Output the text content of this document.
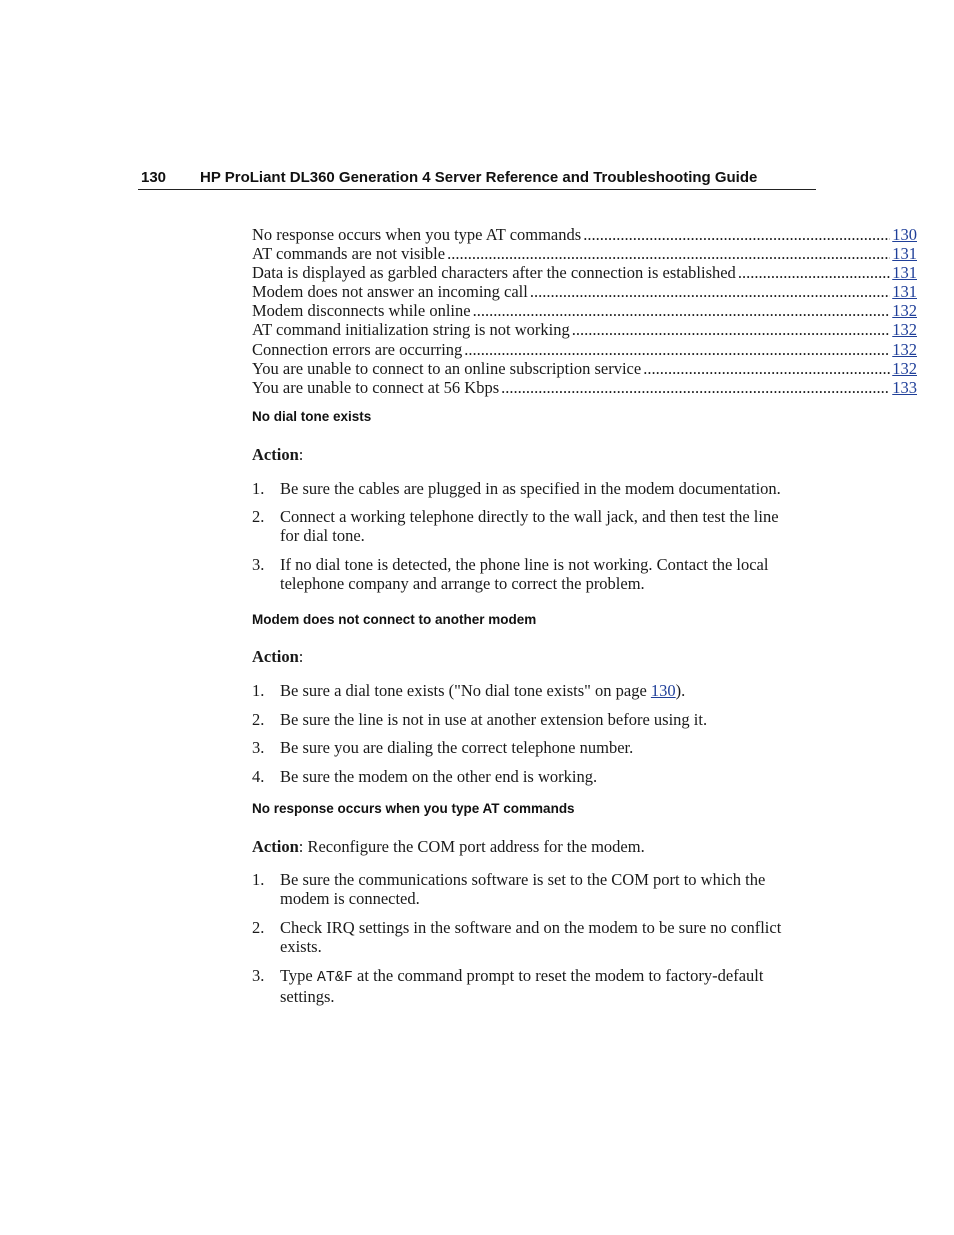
130 HP ProLiant DL360 Generation 4 Server Reference and Troubleshooting Guide
No response occurs when you type AT commands .....	130
AT commands are not visible .....	131
Data is displayed as garbled characters after the connection is established .....	131
Modem does not answer an incoming call .....	131
Modem disconnects while online .....	132
AT command initialization string is not working .....	132
Connection errors are occurring .....	132
You are unable to connect to an online subscription service .....	132
You are unable to connect at 56 Kbps .....	133
No dial tone exists
Action:
1. Be sure the cables are plugged in as specified in the modem documentation.
2. Connect a working telephone directly to the wall jack, and then test the line
for dial tone.
3. If no dial tone is detected, the phone line is not working. Contact the local
telephone company and arrange to correct the problem.
Modem does not connect to another modem
Action:
1. Be sure a dial tone exists ("No dial tone exists" on page 130).
2. Be sure the line is not in use at another extension before using it.
3. Be sure you are dialing the correct telephone number.
4. Be sure the modem on the other end is working.
No response occurs when you type AT commands
Action: Reconfigure the COM port address for the modem.
1. Be sure the communications software is set to the COM port to which the
modem is connected.
2. Check IRQ settings in the software and on the modem to be sure no conflict
exists.
3. Type AT&F at the command prompt to reset the modem to factory-default
settings.
